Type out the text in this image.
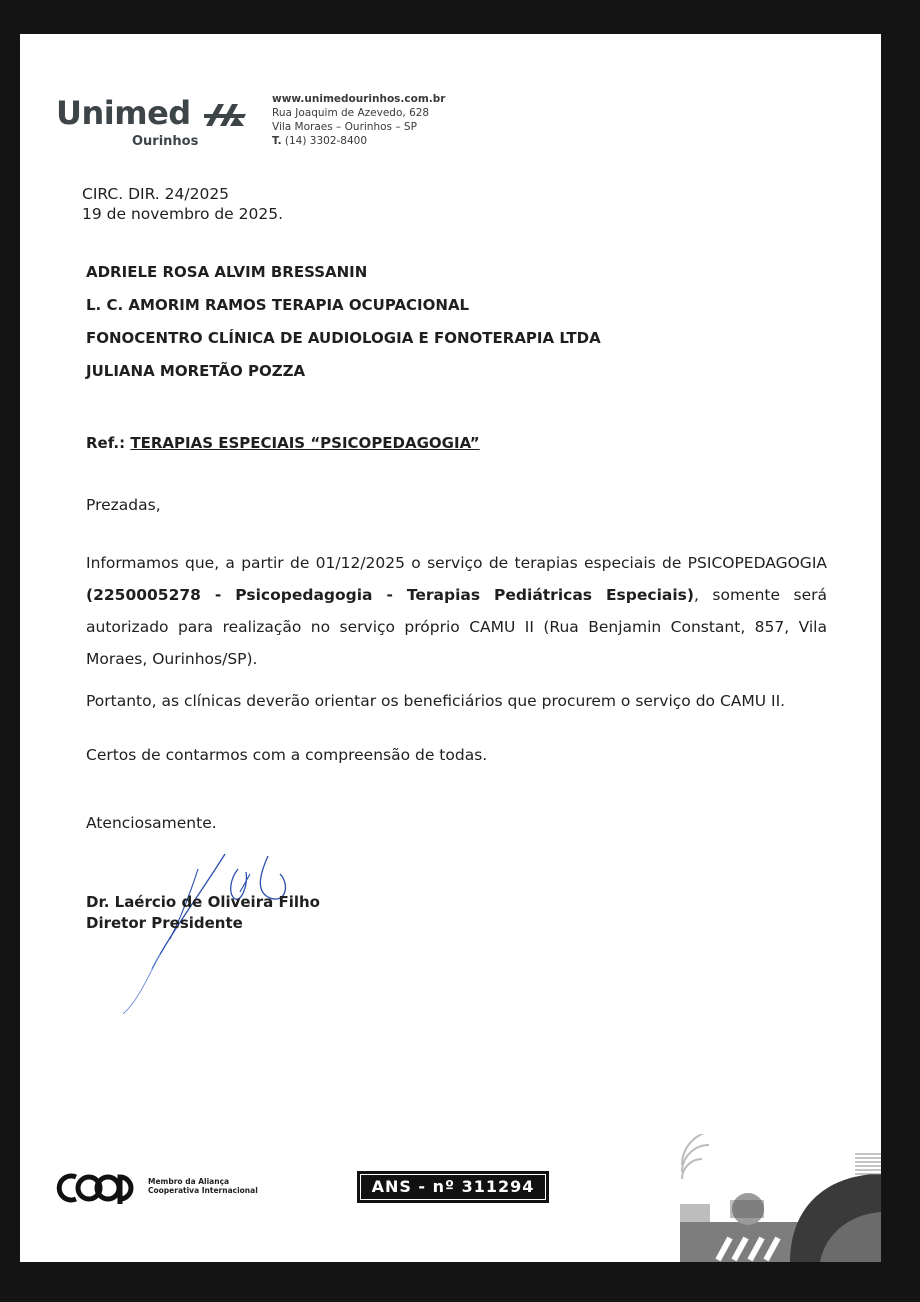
Unimed
Ourinhos
www.unimedourinhos.com.br
Rua Joaquim de Azevedo, 628
Vila Moraes – Ourinhos – SP
T. (14) 3302-8400
CIRC. DIR. 24/2025
19 de novembro de 2025.
ADRIELE ROSA ALVIM BRESSANIN
L. C. AMORIM RAMOS TERAPIA OCUPACIONAL
FONOCENTRO CLÍNICA DE AUDIOLOGIA E FONOTERAPIA LTDA
JULIANA MORETÃO POZZA
Ref.: TERAPIAS ESPECIAIS “PSICOPEDAGOGIA”
Prezadas,
Informamos que, a partir de 01/12/2025 o serviço de terapias especiais de PSICOPEDAGOGIA (2250005278 - Psicopedagogia - Terapias Pediátricas Especiais), somente será autorizado para realização no serviço próprio CAMU II (Rua Benjamin Constant, 857, Vila Moraes, Ourinhos/SP).
Portanto, as clínicas deverão orientar os beneficiários que procurem o serviço do CAMU II.
Certos de contarmos com a compreensão de todas.
Atenciosamente.
Dr. Laércio de Oliveira Filho
Diretor Presidente
Membro da Aliança
Cooperativa Internacional	ANS - nº 311294
